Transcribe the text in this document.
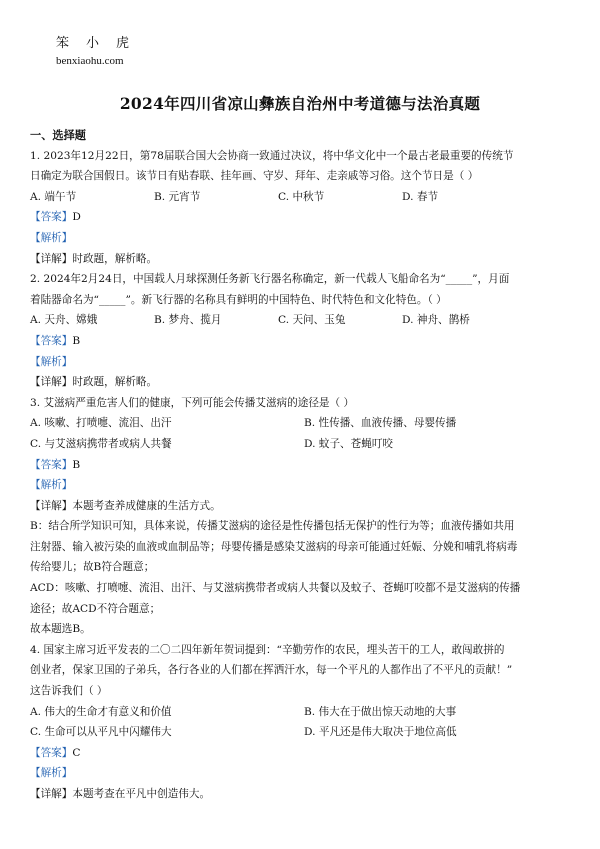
笨小虎
benxiaohu.com
2024年四川省凉山彝族自治州中考道德与法治真题

一、选择题

1. 2023年12月22日，第78届联合国大会协商一致通过决议，将中华文化中一个最古老最重要的传统节

日确定为联合国假日。该节日有贴春联、挂年画、守岁、拜年、走亲戚等习俗。这个节日是（ ）

A. 端午节	B. 元宵节	C. 中秋节	D. 春节

【答案】D

【解析】

【详解】时政题，解析略。

2. 2024年2月24日，中国载人月球探测任务新飞行器名称确定，新一代载人飞船命名为“_____”，月面

着陆器命名为“_____”。新飞行器的名称具有鲜明的中国特色、时代特色和文化特色。（ ）

A. 天舟、嫦娥	B. 梦舟、揽月	C. 天问、玉兔	D. 神舟、鹊桥

【答案】B

【解析】

【详解】时政题，解析略。

3. 艾滋病严重危害人们的健康，下列可能会传播艾滋病的途径是（ ）

A. 咳嗽、打喷嚏、流泪、出汗	B. 性传播、血液传播、母婴传播
C. 与艾滋病携带者或病人共餐	D. 蚊子、苍蝇叮咬

【答案】B

【解析】

【详解】本题考查养成健康的生活方式。

B：结合所学知识可知，具体来说，传播艾滋病的途径是性传播包括无保护的性行为等；血液传播如共用

注射器、输入被污染的血液或血制品等；母婴传播是感染艾滋病的母亲可能通过妊娠、分娩和哺乳将病毒

传给婴儿；故B符合题意；

ACD：咳嗽、打喷嚏、流泪、出汗、与艾滋病携带者或病人共餐以及蚊子、苍蝇叮咬都不是艾滋病的传播

途径；故ACD不符合题意；

故本题选B。

4. 国家主席习近平发表的二〇二四年新年贺词提到：“辛勤劳作的农民，埋头苦干的工人，敢闯敢拼的

创业者，保家卫国的子弟兵，各行各业的人们都在挥洒汗水，每一个平凡的人都作出了不平凡的贡献！”

这告诉我们（ ）

A. 伟大的生命才有意义和价值	B. 伟大在于做出惊天动地的大事
C. 生命可以从平凡中闪耀伟大	D. 平凡还是伟大取决于地位高低

【答案】C

【解析】

【详解】本题考查在平凡中创造伟大。
